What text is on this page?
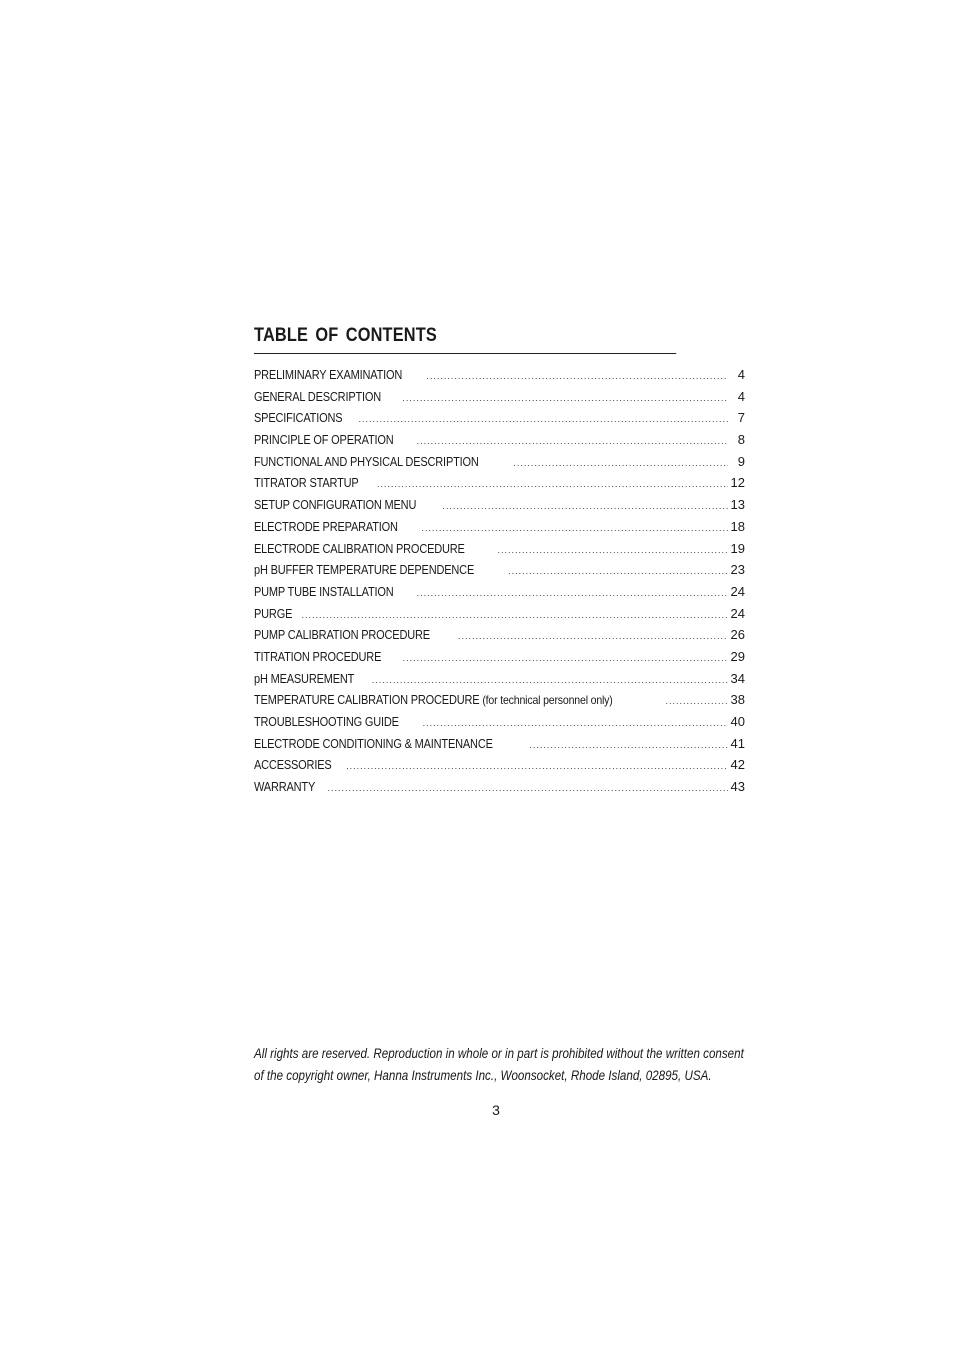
TABLE OF CONTENTS
PRELIMINARY EXAMINATION .....	4
GENERAL DESCRIPTION .....	4
SPECIFICATIONS .....	7
PRINCIPLE OF OPERATION .....	8
FUNCTIONAL AND PHYSICAL DESCRIPTION .....	9
TITRATOR STARTUP .....	12
SETUP CONFIGURATION MENU .....	13
ELECTRODE PREPARATION .....	18
ELECTRODE CALIBRATION PROCEDURE .....	19
pH BUFFER TEMPERATURE DEPENDENCE .....	23
PUMP TUBE INSTALLATION .....	24
PURGE .....	24
PUMP CALIBRATION PROCEDURE .....	26
TITRATION PROCEDURE .....	29
pH MEASUREMENT .....	34
TEMPERATURE CALIBRATION PROCEDURE (for technical personnel only) .....	38
TROUBLESHOOTING GUIDE .....	40
ELECTRODE CONDITIONING & MAINTENANCE .....	41
ACCESSORIES .....	42
WARRANTY .....	43
All rights are reserved. Reproduction in whole or in part is prohibited without the written consent
of the copyright owner, Hanna Instruments Inc., Woonsocket, Rhode Island, 02895, USA.
3
